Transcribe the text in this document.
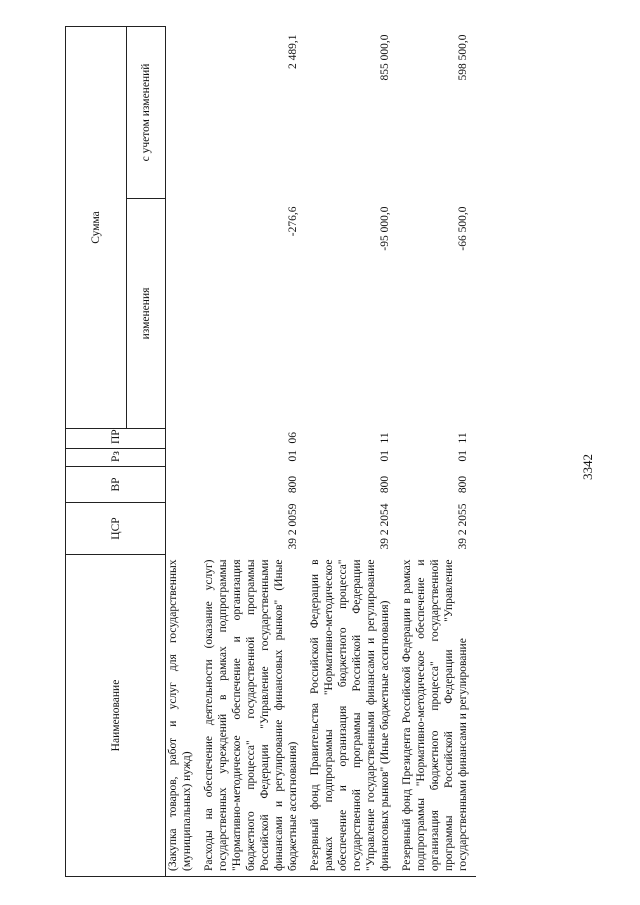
3342
Наименование	ЦСР	ВР	Рз	ПР	Сумма	
					изменения	с учетом изменений
(Закупка товаров, работ и услуг для государственных (муниципальных) нужд)						
Расходы на обеспечение деятельности (оказание услуг) государственных учреждений в рамках подпрограммы "Нормативно-методическое обеспечение и организация бюджетного процесса" государственной программы Российской Федерации "Управление государственными финансами и регулирование финансовых рынков" (Иные бюджетные ассигнования)	39 2 0059	800	01	06	-276,6	2 489,1
Резервный фонд Правительства Российской Федерации в рамках подпрограммы "Нормативно-методическое обеспечение и организация бюджетного процесса" государственной программы Российской Федерации "Управление государственными финансами и регулирование финансовых рынков" (Иные бюджетные ассигнования)	39 2 2054	800	01	11	-95 000,0	855 000,0
Резервный фонд Президента Российской Федерации в рамках подпрограммы "Нормативно-методическое обеспечение и организация бюджетного процесса" государственной программы Российской Федерации "Управление государственными финансами и регулирование	39 2 2055	800	01	11	-66 500,0	598 500,0
